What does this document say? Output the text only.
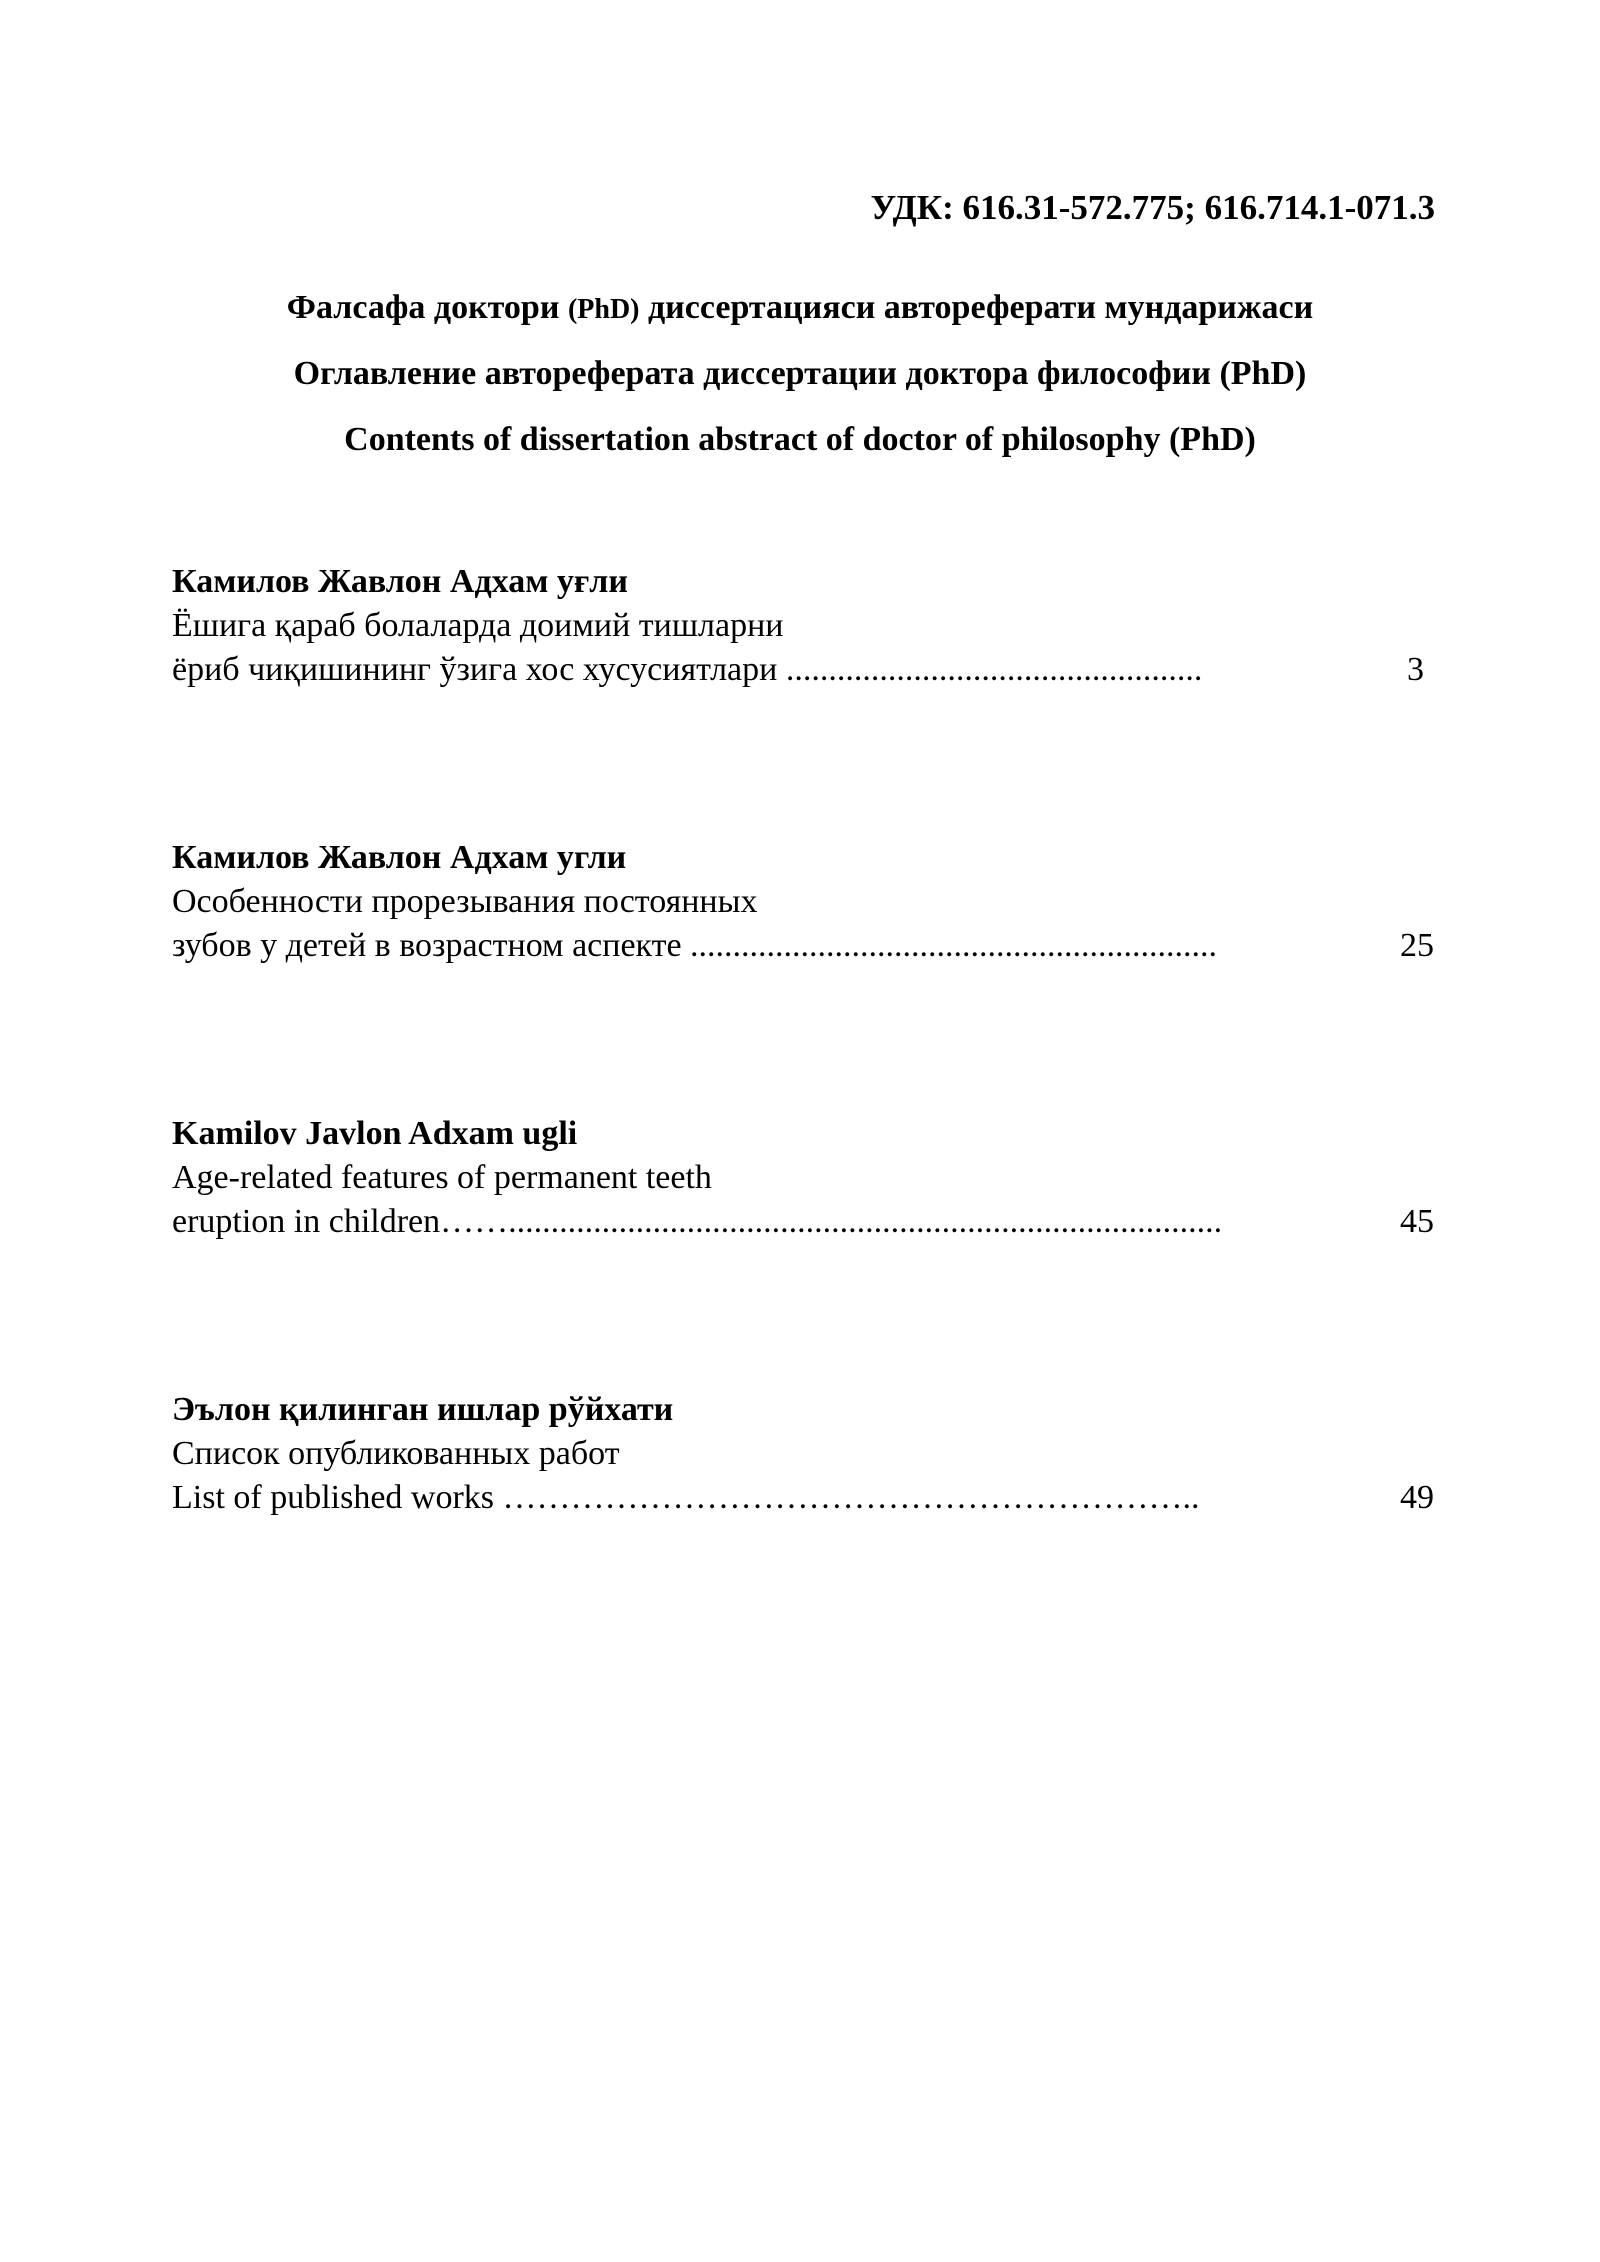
УДК: 616.31-572.775; 616.714.1-071.3
Фалсафа доктори (PhD) диссертацияси автореферати мундарижаси
Оглавление автореферата диссертации доктора философии (PhD)
Contents of dissertation abstract of doctor of philosophy (PhD)
Камилов Жавлон Адхам уғли
Ёшига қараб болаларда доимий тишларни
ёриб чиқишининг ўзига хос хусусиятлари .................................................	3
Камилов Жавлон Адхам угли
Особенности прорезывания постоянных
зубов у детей в возрастном аспекте ..............................................................	25
Kamilov Javlon Adxam ugli
Age-related features of permanent teeth
eruption in children……....................................................................................	45
Эълон қилинган ишлар рўйхати
Список опубликованных работ
List of published works ……………………………………………………..	49
